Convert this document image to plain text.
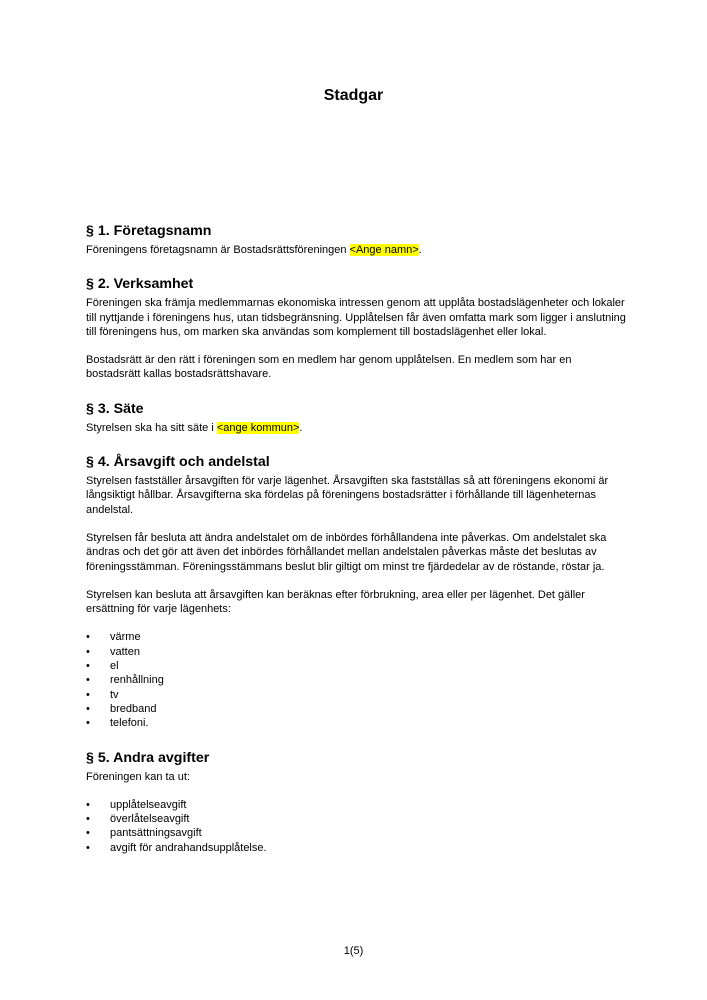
Stadgar
§ 1. Företagsnamn

Föreningens företagsnamn är Bostadsrättsföreningen <Ange namn>.

§ 2. Verksamhet

Föreningen ska främja medlemmarnas ekonomiska intressen genom att upplåta bostadslägenheter och lokaler till nyttjande i föreningens hus, utan tidsbegränsning. Upplåtelsen får även omfatta mark som ligger i anslutning till föreningens hus, om marken ska användas som komplement till bostadslägenhet eller lokal.

Bostadsrätt är den rätt i föreningen som en medlem har genom upplåtelsen. En medlem som har en bostadsrätt kallas bostadsrättshavare.

§ 3. Säte

Styrelsen ska ha sitt säte i <ange kommun>.

§ 4. Årsavgift och andelstal

Styrelsen fastställer årsavgiften för varje lägenhet. Årsavgiften ska fastställas så att föreningens ekonomi är långsiktigt hållbar. Årsavgifterna ska fördelas på föreningens bostadsrätter i förhållande till lägenheternas andelstal.

Styrelsen får besluta att ändra andelstalet om de inbördes förhållandena inte påverkas. Om andelstalet ska ändras och det gör att även det inbördes förhållandet mellan andelstalen påverkas måste det beslutas av föreningsstämman. Föreningsstämmans beslut blir giltigt om minst tre fjärdedelar av de röstande, röstar ja.

Styrelsen kan besluta att årsavgiften kan beräknas efter förbrukning, area eller per lägenhet. Det gäller ersättning för varje lägenhets:

•	värme
•	vatten
•	el
•	renhållning
•	tv
•	bredband
•	telefoni.
§ 5. Andra avgifter

Föreningen kan ta ut:

•	upplåtelseavgift
•	överlåtelseavgift
•	pantsättningsavgift
•	avgift för andrahandsupplåtelse.
1(5)
